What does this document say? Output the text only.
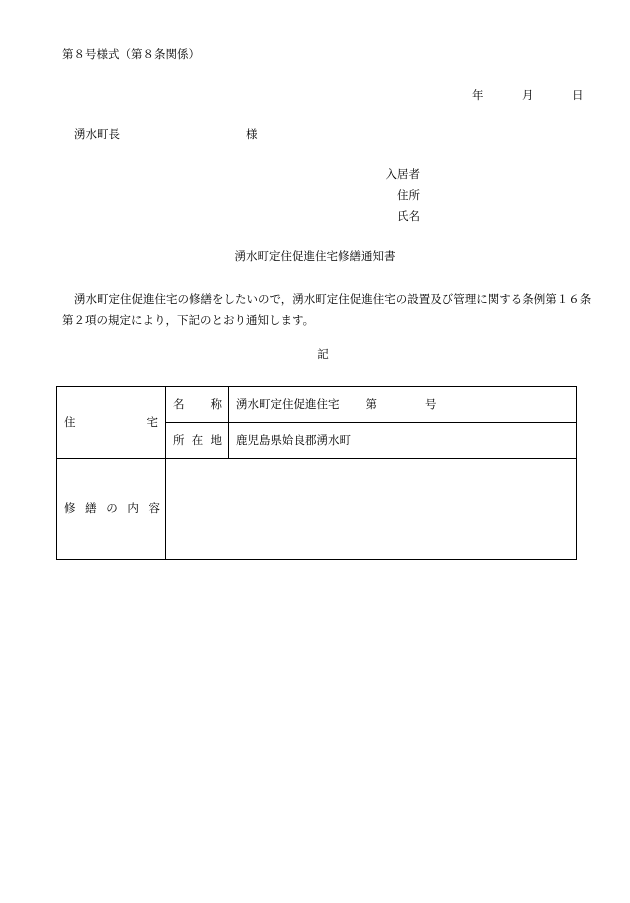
第８号様式（第８条関係）
年	月	日
湧水町長	様
入居者
住所
氏名
湧水町定住促進住宅修繕通知書
湧水町定住促進住宅の修繕をしたいので，湧水町定住促進住宅の設置及び管理に関する条例第１６条第２項の規定により，下記のとおり通知します。
記
住 宅	名 称	湧水町定住促進住宅 第 号

	所 在 地	鹿児島県姶良郡湧水町

修 繕 の 内 容		
